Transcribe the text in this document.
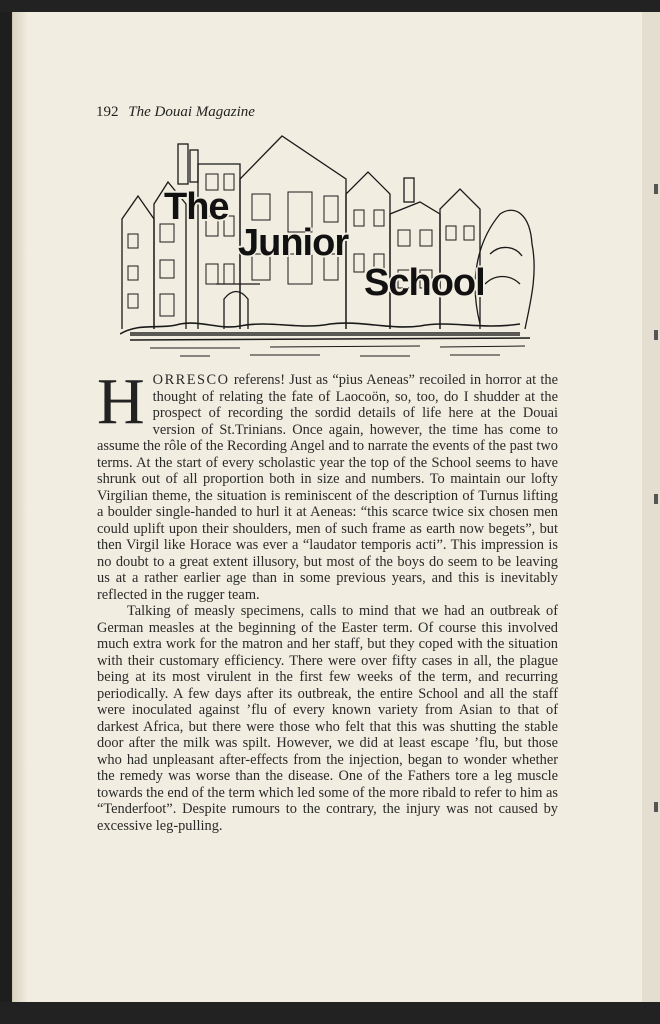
192 The Douai Magazine
The
Junior
School

HORRESCO referens! Just as “pius Aeneas” recoiled in horror at the thought of relating the fate of Laocoön, so, too, do I shudder at the prospect of recording the sordid details of life here at the Douai version of St.Trinians. Once again, however, the time has come to assume the rôle of the Recording Angel and to narrate the events of the past two terms. At the start of every scholastic year the top of the School seems to have shrunk out of all proportion both in size and numbers. To maintain our lofty Virgilian theme, the situation is reminiscent of the description of Turnus lifting a boulder single-handed to hurl it at Aeneas: “this scarce twice six chosen men could uplift upon their shoulders, men of such frame as earth now begets”, but then Virgil like Horace was ever a “laudator temporis acti”. This impression is no doubt to a great extent illusory, but most of the boys do seem to be leaving us at a rather earlier age than in some previous years, and this is inevitably reflected in the rugger team.

Talking of measly specimens, calls to mind that we had an outbreak of German measles at the beginning of the Easter term. Of course this involved much extra work for the matron and her staff, but they coped with the situation with their customary efficiency. There were over fifty cases in all, the plague being at its most virulent in the first few weeks of the term, and recurring periodically. A few days after its outbreak, the entire School and all the staff were inoculated against ’flu of every known variety from Asian to that of darkest Africa, but there were those who felt that this was shutting the stable door after the milk was spilt. However, we did at least escape ’flu, but those who had unpleasant after-effects from the injection, began to wonder whether the remedy was worse than the disease. One of the Fathers tore a leg muscle towards the end of the term which led some of the more ribald to refer to him as “Tenderfoot”. Despite rumours to the contrary, the injury was not caused by excessive leg-pulling.
